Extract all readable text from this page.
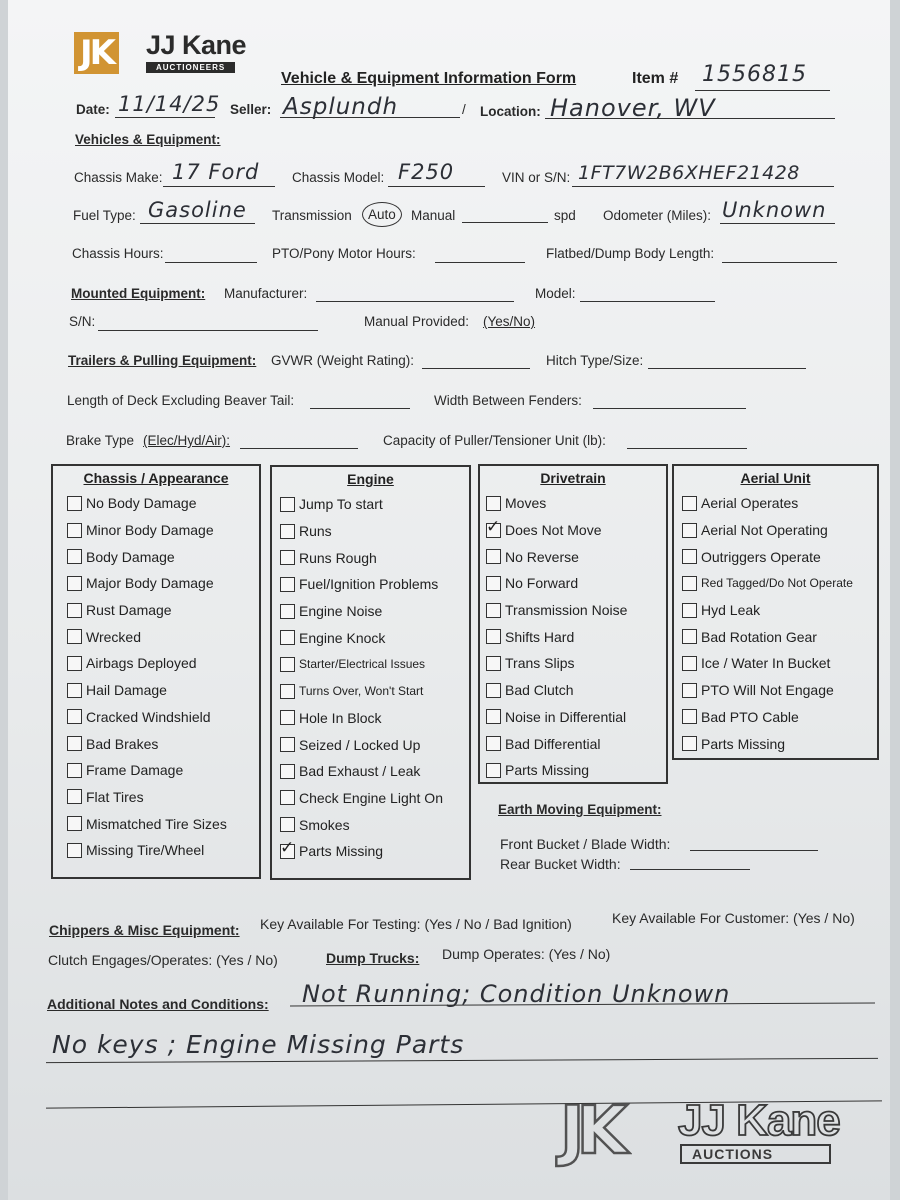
JK JJ Kane
AUCTIONEERS
Vehicle & Equipment Information Form	Item # 1556815
Date: 11/14/25 Seller: Asplundh	/ Location: Hanover, WV
Vehicles & Equipment:
Chassis Make: 17 Ford	Chassis Model: F250	VIN or S/N: 1FT7W2B6XHEF21428
Fuel Type: Gasoline Transmission	Auto	Manual	spd Odometer (Miles): Unknown
Chassis Hours:	PTO/Pony Motor Hours:	Flatbed/Dump Body Length:
Mounted Equipment: Manufacturer:	Model:
S/N:	Manual Provided: (Yes/No)
Trailers & Pulling Equipment: GVWR (Weight Rating):	Hitch Type/Size:
Length of Deck Excluding Beaver Tail:	Width Between Fenders:
Brake Type (Elec/Hyd/Air):	Capacity of Puller/Tensioner Unit (lb):
Chassis / Appearance
No Body Damage
Minor Body Damage
Body Damage
Major Body Damage
Rust Damage
Wrecked
Airbags Deployed
Hail Damage
Cracked Windshield
Bad Brakes
Frame Damage
Flat Tires
Mismatched Tire Sizes
Missing Tire/Wheel
Engine
Jump To start
Runs
Runs Rough
Fuel/Ignition Problems
Engine Noise
Engine Knock
Starter/Electrical Issues
Turns Over, Won't Start
Hole In Block
Seized / Locked Up
Bad Exhaust / Leak
Check Engine Light On
Smokes
✓
Parts Missing
Drivetrain
Moves
✓
Does Not Move
No Reverse
No Forward
Transmission Noise
Shifts Hard
Trans Slips
Bad Clutch
Noise in Differential
Bad Differential
Parts Missing
Aerial Unit
Aerial Operates
Aerial Not Operating
Outriggers Operate
Red Tagged/Do Not Operate
Hyd Leak
Bad Rotation Gear
Ice / Water In Bucket
PTO Will Not Engage
Bad PTO Cable
Parts Missing
Earth Moving Equipment:
Front Bucket / Blade Width:
Rear Bucket Width:
Chippers & Misc Equipment: Key Available For Testing: (Yes / No / Bad Ignition)	Key Available For Customer: (Yes / No)
Clutch Engages/Operates: (Yes / No)	Dump Trucks: Dump Operates: (Yes / No)
Additional Notes and Conditions: Not Running; Condition Unknown
No keys ; Engine Missing Parts
JK JJ Kane
AUCTIONS
